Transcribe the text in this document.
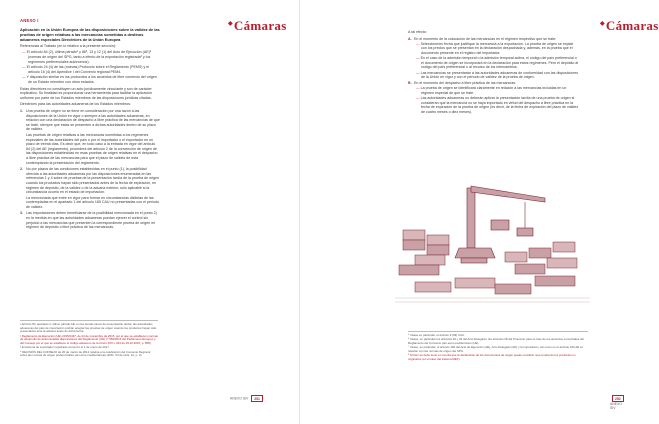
ANEXO I
◆Cámaras
Aplicación en la Unión Europea de las disposiciones sobre la validez de las pruebas de origen relativas a las mercancías sometidas a destinos aduaneros especiales Directrices de la Unión Europea
Referencias al Tratado (en lo relativo a la presente sección):
— El artículo 84 (2), última párrafo¹ y 86³, 13 y 12 (1) del Acto de Ejecución (AE)² (normas de origen del SPG, tanto a efecto de la exportación registrada³ y los regímenes preferenciales autónomos).
— El artículo 24 (4) de las (nuevas) Protocolo sobre el Reglamento (PEMS) y el artículo 16 (4) del Apéndice I del Convenio regional PEM4.
— Y disposición similar en los protocolos a los acuerdos de libre comercio del origen de un Estado miembro con otros estados.
Estas directrices no constituyen un acto jurídicamente vinculante y son de carácter explicativo. Su finalidad es proporcionar una herramienta para facilitar la aplicación uniforme por parte de los Estados miembros de las disposiciones jurídicas citadas.
Directrices para las autoridades aduaneras de los Estados miembros:
1. Una prueba de origen no se tiene en consideración por una razón a las disposiciones de la Unión en vigor o siempre a las autoridades aduaneras, en relación con una declaración de despacho a libre práctica de las mercancías de que se trate, siempre que éstas se presenten a dichas autoridades dentro de su plazo de validez.
Las pruebas de origen relativas a las mercancías sometidas a los regímenes especiales de las autoridades del país o por el importador o el exportador en un plazo de treinta días. Es decir que, en todo caso a la entrada en vigor del artículo 84 (2) del AE (reglamento), procederá del artículo 2 de la convención de origen de las disposiciones establecidas en esas pruebas de origen relativas en el despacho a libre práctica de las mercancías para que el plazo de validez de esta contemplando la presentación del reglamento.
2. No por plazos de las condiciones establecidas en el punto (1), la posibilidad ofrecida a las autoridades aduaneras por las disposiciones enumeradas en las referencias 1 y 4 sobre de pruebas de la presentación tardía de la prueba de origen cuando los productos hayan sido presentados antes de la fecha de expiración, en régimen de depósito, de la validez o de la aduana exterior, solo aplicable si la circunstancia ocurrió en el estado de importación.
La mencionada que entre en vigor para formar en circunstancias distintas de las contempladas en el apartado 1 del artículo 165 CAU no presentadas con el período de validez.
3. Las importaciones deben beneficiarse de la posibilidad mencionada en el punto 2) en la medida en que las autoridades aduaneras puedan ejercer el control sin perjuicio a las mercancías que presenten la correspondiente prueba de origen en régimen de depósito o libre práctica de las mercancías.
¹ Artículo 84, apartado 2, último párrafo AE: en los demás casos de presentación tardía, las autoridades aduaneras del país de importación podrán aceptar las pruebas de origen cuando los productos hayan sido presentados ante la aduana antes de dicha fecha.
² Reglamento de Ejecución (UE) 2015/2447, de 24 de noviembre de 2015, por el que se establecen normas de desarrollo de determinadas disposiciones del Reglamento (UE) nº 952/2013 del Parlamento Europeo y del Consejo por el que se establece el código aduanero de la Unión (DO L 343 de 29.12.2015, p. 558).
³ El sistema de exportador registrado comenzó el 1 de enero de 2017.
⁴ DECISIÓN DEL CONSEJO de 26 de marzo de 2012 relativa a la celebración del Convenio Regional sobre las normas de origen preferenciales pan-euro-mediterráneas (2011, 54 de (arts. 12, p. 4).
ANEXO SIV 251
◆Cámaras
252 ANEXO SIV
A tal efecto:
A. En el momento de la colocación de las mercancías en el régimen respectivo que se trate:
— Seleccione/es fecha que justifique la mercancía a la exportación. La prueba de origen se expide con los precios que se presentan en la declaración despachada y, además, en la prueba que el documento presente en el registro del importador.
— En el caso de la admisión temporal o la admisión temporal activa, el código del país preferencial o el documento de origen se incorporará en la declaración para estos regímenes. Pero el depósito al código del país preferencial o al recurso de los intercambios.
— Las mercancías se presentarán a las autoridades aduaneras de conformidad con las disposiciones de la Unión en vigor y con el período de validez de la prueba de origen.
B. En el momento del despacho a libre práctica de las mercancías:
— La prueba de origen se identificará claramente en relación a las mercancías incluidas en un régimen especial de que se trate.
— Las autoridades aduaneras no deberán aplicar la presentación tardía de una prueba de origen si consideran que la mercancía no se haya importado en virtud del despacho a libre práctica en la fecha de expiración de la prueba de origen (es decir, de la fecha de expiración del plazo de validez de cuatro meses o diez meses).
⁵ Véase en particular, el artículo 9 (69) CAU.
⁶ Véase, en particular los artículos 26 y 32 del Acto Delegado, las artículos 28 del Protocolo para el caso de los acuerdos comerciales del Reglamento del Convenio pan-euro-mediterráneo (UE).
⁷ Véase, en particular, el artículo 184 del Acto de Ejecución (AE), Acto Delegado (AD) y la importación, así como en el artículo 160 AE en relación con las normas de origen del SPG.
⁸ Si bien se debe tener en cuenta que la declaración de los documentos de origen puede constituir una prueba de los productos no originarios (en el caso del sistema REX).
